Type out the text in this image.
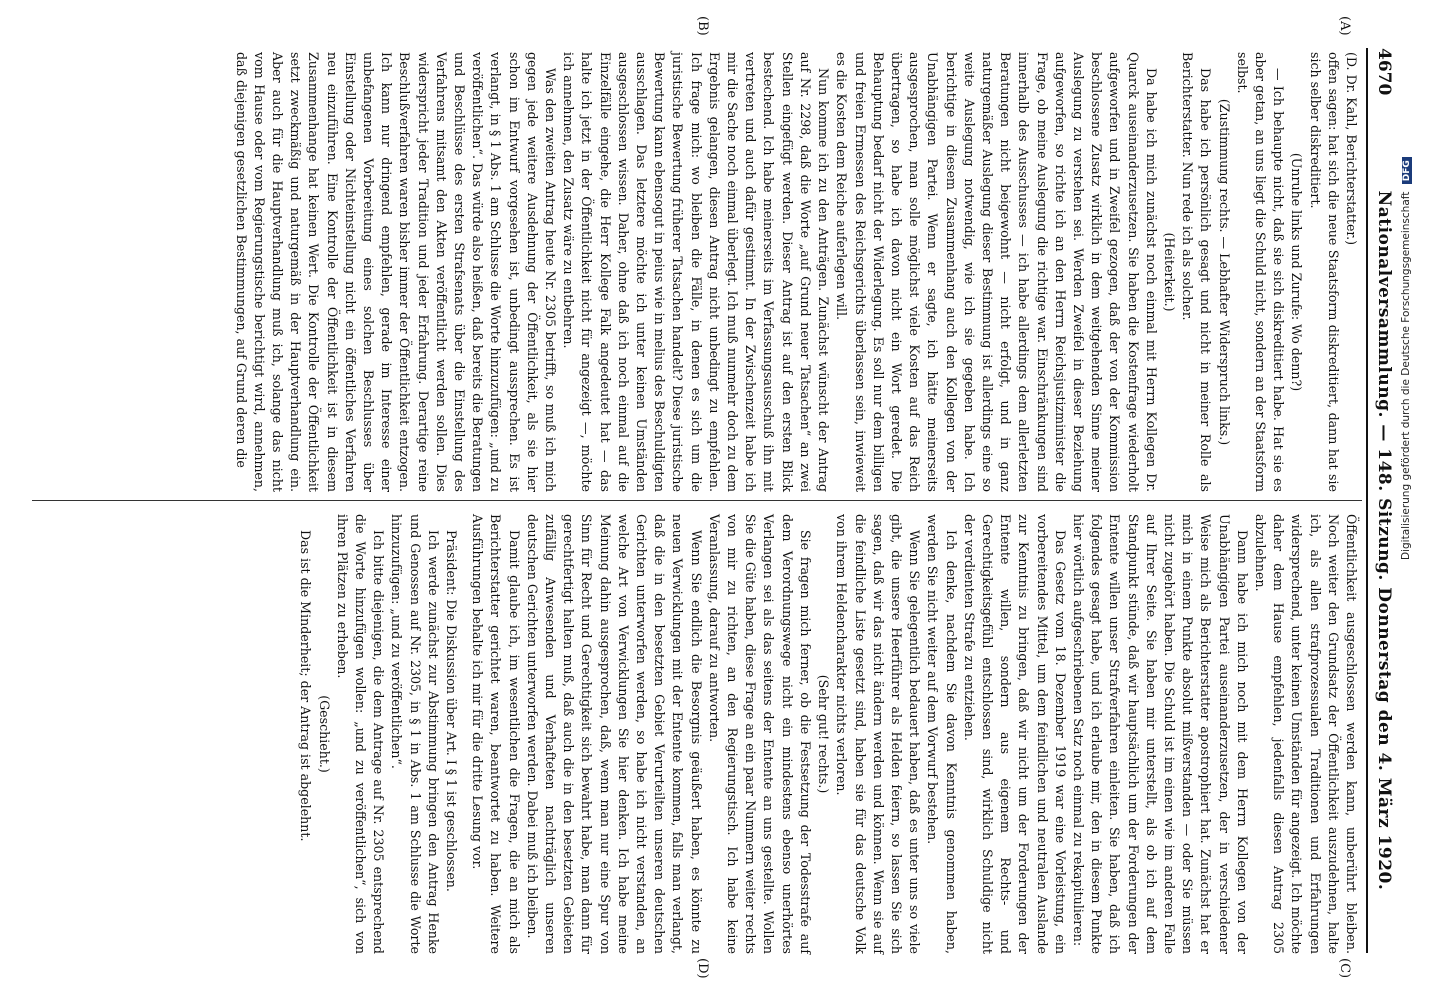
4670
Nationalversammlung. — 148. Sitzung. Donnerstag den 4. März 1920.
(A)
(B)
(C)
(D)

(D. Dr. Kahl, Berichterstatter.)

offen sagen: hat sich die neue Staatsform diskreditiert, dann hat sie sich selber diskreditiert.

(Unruhe links und Zurufe: Wo denn?)

— Ich behaupte nicht, daß sie sich diskreditiert habe. Hat sie es aber getan, an uns liegt die Schuld nicht, sondern an der Staatsform selbst.

(Zustimmung rechts. — Lebhafter Widerspruch links.)

Das habe ich persönlich gesagt und nicht in meiner Rolle als Berichterstatter. Nun rede ich als solcher.

(Heiterkeit.)

Da habe ich mich zunächst noch einmal mit Herrn Kollegen Dr. Quarck auseinanderzusetzen. Sie haben die Kostenfrage wiederholt aufgeworfen und in Zweifel gezogen, daß der von der Kommission beschlossene Zusatz wirklich in dem weitgehenden Sinne meiner Auslegung zu verstehen sei. Werden Zweifel in dieser Beziehung aufgeworfen, so richte ich an den Herrn Reichsjustizminister die Frage, ob meine Auslegung die richtige war. Einschränkungen sind innerhalb des Ausschusses — ich habe allerdings dem allerletzten Beratungen nicht beigewohnt — nicht erfolgt, und in ganz naturgemäßer Auslegung dieser Bestimmung ist allerdings eine so weite Auslegung notwendig, wie ich sie gegeben habe. Ich berichtige in diesem Zusammenhang auch den Kollegen von der Unabhängigen Partei. Wenn er sagte, ich hätte meinerseits ausgesprochen, man solle möglichst viele Kosten auf das Reich übertragen, so habe ich davon nicht ein Wort geredet. Die Behauptung bedarf nicht der Widerlegung. Es soll nur dem billigen und freien Ermessen des Reichsgerichts überlassen sein, inwieweit es die Kosten dem Reiche auferlegen will.

Nun komme ich zu den Anträgen. Zunächst wünscht der Antrag auf Nr. 2298, daß die Worte „auf Grund neuer Tatsachen“ an zwei Stellen eingefügt werden. Dieser Antrag ist auf den ersten Blick bestechend. Ich habe meinerseits im Verfassungsausschuß ihn mit vertreten und auch dafür gestimmt. In der Zwischenzeit habe ich mir die Sache noch einmal überlegt. Ich muß nunmehr doch zu dem Ergebnis gelangen, diesen Antrag nicht unbedingt zu empfehlen. Ich frage mich: wo bleiben die Fälle, in denen es sich um die juristische Bewertung früherer Tatsachen handelt? Diese juristische Bewertung kann ebensogut in peius wie in melius des Beschuldigten ausschlagen. Das letztere möchte ich unter keinen Umständen ausgeschlossen wissen. Daher, ohne daß ich noch einmal auf die Einzelfälle eingehe, die Herr Kollege Falk angedeutet hat — das halte ich jetzt in der Öffentlichkeit nicht für angezeigt —, möchte ich annehmen, den Zusatz wäre zu entbehren.

Was den zweiten Antrag heute Nr. 2305 betrifft, so muß ich mich gegen jede weitere Ausdehnung der Öffentlichkeit, als sie hier schon im Entwurf vorgesehen ist, unbedingt aussprechen. Es ist verlangt, in § 1 Abs. 1 am Schlusse die Worte hinzuzufügen: „und zu veröffentlichen“. Das würde also heißen, daß bereits die Beratungen und Beschlüsse des ersten Strafsenats über die Einstellung des Verfahrens mitsamt den Akten veröffentlicht werden sollen. Dies widerspricht jeder Tradition und jeder Erfahrung. Derartige reine Beschlußverfahren waren bisher immer der Öffentlichkeit entzogen. Ich kann nur dringend empfehlen, gerade im Interesse einer unbefangenen Vorbereitung eines solchen Beschlusses über Einstellung oder Nichteinstellung nicht ein öffentliches Verfahren neu einzuführen. Eine Kontrolle der Öffentlichkeit ist in diesem Zusammenhange hat keinen Wert. Die Kontrolle der Öffentlichkeit setzt zweckmäßig und naturgemäß in der Hauptverhandlung ein. Aber auch für die Hauptverhandlung muß ich, solange das nicht vom Hause oder vom Regierungstische berichtigt wird, annehmen, daß diejenigen gesetzlichen Bestimmungen, auf Grund deren die

Öffentlichkeit ausgeschlossen werden kann, unberührt bleiben. Noch weiter den Grundsatz der Öffentlichkeit auszudehnen, halte ich, als allen strafprozessualen Traditionen und Erfahrungen widersprechend, unter keinen Umständen für angezeigt. Ich möchte daher dem Hause empfehlen, jedenfalls diesen Antrag 2305 abzulehnen.

Dann habe ich mich noch mit dem Herrn Kollegen von der Unabhängigen Partei auseinanderzusetzen, der in verschiedener Weise mich als Berichterstatter apostrophiert hat. Zunächst hat er mich in einem Punkte absolut mißverstanden — oder Sie müssen nicht zugehört haben. Die Schuld ist im einen wie im anderen Falle auf Ihrer Seite. Sie haben mir unterstellt, als ob ich auf dem Standpunkt stünde, daß wir hauptsächlich um der Forderungen der Entente willen unser Strafverfahren einleiten. Sie haben, daß ich folgendes gesagt habe, und ich erlaube mir, den in diesem Punkte hier wörtlich aufgeschriebenen Satz noch einmal zu rekapitulieren:

Das Gesetz vom 18. Dezember 1919 war eine Vorleistung, ein vorbereitendes Mittel, um dem feindlichen und neutralen Auslande zur Kenntnis zu bringen, daß wir nicht um der Forderungen der Entente willen, sondern aus eigenem Rechts- und Gerechtigkeitsgefühl entschlossen sind, wirklich Schuldige nicht der verdienten Strafe zu entziehen.

Ich denke, nachdem Sie davon Kenntnis genommen haben, werden Sie nicht weiter auf dem Vorwurf bestehen.

Wenn Sie gelegentlich bedauert haben, daß es unter uns so viele gibt, die unsere Heerführer als Helden feiern, so lassen Sie sich sagen, daß wir das nicht ändern werden und können. Wenn sie auf die feindliche Liste gesetzt sind, haben sie für das deutsche Volk von ihrem Heldencharakter nichts verloren.

(Sehr gut! rechts.)

Sie fragen mich ferner, ob die Festsetzung der Todesstrafe auf dem Verordnungswege nicht ein mindestens ebenso unerhörtes Verlangen sei als das seitens der Entente an uns gestellte. Wollen Sie die Güte haben, diese Frage an ein paar Nummern weiter rechts von mir zu richten, an den Regierungstisch. Ich habe keine Veranlassung, darauf zu antworten.

Wenn Sie endlich die Besorgnis geäußert haben, es könnte zu neuen Verwicklungen mit der Entente kommen, falls man verlangt, daß die in den besetzten Gebiet Verurteilten unseren deutschen Gerichten unterworfen werden, so habe ich nicht verstanden, an welche Art von Verwicklungen Sie hier denken. Ich habe meine Meinung dahin ausgesprochen, daß, wenn man nur eine Spur von Sinn für Recht und Gerechtigkeit sich bewahrt habe, man dann für gerechtfertigt halten muß, daß auch die in den besetzten Gebieten zufällig Anwesenden und Verhafteten nachträglich unseren deutschen Gerichten unterworfen werden. Dabei muß ich bleiben.

Damit glaube ich, im wesentlichen die Fragen, die an mich als Berichterstatter gerichtet waren, beantwortet zu haben. Weitere Ausführungen behalte ich mir für die dritte Lesung vor.

Präsident: Die Diskussion über Art. I § 1 ist geschlossen.

Ich werde zunächst zur Abstimmung bringen den Antrag Henke und Genossen auf Nr. 2305, in § 1 in Abs. 1 am Schlusse die Worte hinzuzufügen: „und zu veröffentlichen“.

Ich bitte diejenigen, die dem Antrage auf Nr. 2305 entsprechend die Worte hinzufügen wollen: „und zu veröffentlichen“, sich von ihren Plätzen zu erheben.

(Geschieht.)

Das ist die Minderheit; der Antrag ist abgelehnt.

Digitalisierung gefördert durch die Deutsche Forschungsgemeinschaft DFG
